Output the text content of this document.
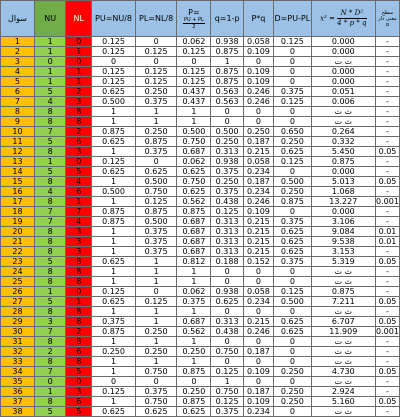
سوال	NU	NL	PU=NU/8	PL=NL/8	P=

$\frac{PU + PL}{2}$	q=1-p	P*q	D=PU-PL	$x^2 = \frac{\text{N * D²}}{4 * p * q}$	سطح معنی دار α
1	1	0	0.125	0	0.062	0.938	0.058	0.125	0.000	-
2	1	1	0.125	0.125	0.125	0.875	0.109	0	0.000	-
3	0	0	0	0	0	1	0	0	ث ت	-
4	1	1	0.125	0.125	0.125	0.875	0.109	0	0.000	-
5	1	1	0.125	0.125	0.125	0.875	0.109	0	0.000	-
6	5	2	0.625	0.250	0.437	0.563	0.246	0.375	0.051	-
7	4	3	0.500	0.375	0.437	0.563	0.246	0.125	0.006	-
8	8	8	1	1	1	0	0	0	ث ت	-
9	8	8	1	1	1	0	0	0	ث ت	-
10	7	2	0.875	0.250	0.500	0.500	0.250	0.650	0.264	-
11	5	6	0.625	0.875	0.750	0.250	0.187	0.250	0.332	-
12	8	3	1	0.375	0.687	0.313	0.215	0.625	5.450	0.05
13	1	0	0.125	0	0.062	0.938	0.058	0.125	0.875	-
14	5	5	0.625	0.625	0.625	0.375	0.234	0	0.000	-
15	8	4	1	0.500	0.750	0.250	0.187	0.500	5.013	0.05
16	4	6	0.500	0.750	0.625	0.375	0.234	0.250	1.068	-
17	8	1	1	0.125	0.562	0.438	0.246	0.875	13.227	0.001
18	7	7	0.875	0.875	0.875	0.125	0.109	0	0.000	-
19	7	4	0.875	0.500	0.687	0.313	0.215	0.375	3.106	-
20	8	3	1	0.375	0.687	0.313	0.215	0.625	9.084	0.01
21	8	3	1	0.375	0.687	0.313	0.215	0.625	9.538	0.01
22	8	3	1	0.375	0.687	0.313	0.215	0.625	3.153	-
23	5	8	0.625	1	0.812	0.188	0.152	0.375	5.319	0.05
24	8	8	1	1	1	0	0	0	ث ت	-
25	8	8	1	1	1	0	0	0	ث ت	-
26	1	0	0.125	0	0.062	0.938	0.058	0.125	0.875	-
27	5	1	0.625	0.125	0.375	0.625	0.234	0.500	7.211	0.05
28	8	8	1	1	1	0	0	0	ث ت	-
29	3	8	0.375	1	0.687	0.313	0.215	0.625	6.707	0.05
30	7	2	0.875	0.250	0.562	0.438	0.246	0.625	11.909	0.001
31	8	8	1	1	1	0	0	0	ث ت	-
32	2	6	0.250	0.250	0.250	0.750	0.187	0	ث ت	-
33	8	8	1	1	1	0	0	0	ث ت	-
34	7	5	1	0.750	0.875	0.125	0.109	0.250	4.730	0.05
35	0	0	0	0	0	1	0	0	ث ت	-
36	1	3	0.125	0.375	0.250	0.750	0.187	0.250	2.924	-
37	8	6	1	0.750	0.875	0.125	0.109	0.250	5.160	0.05
38	5	5	0.625	0.625	0.625	0.375	0.234	0	ث ت	-
